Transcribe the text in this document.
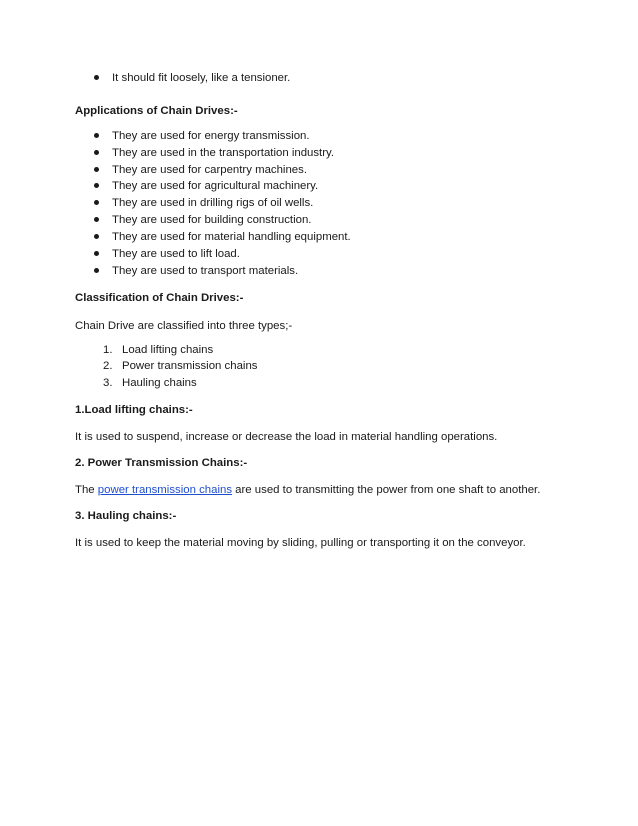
It should fit loosely, like a tensioner.
Applications of Chain Drives:-
They are used for energy transmission.
They are used in the transportation industry.
They are used for carpentry machines.
They are used for agricultural machinery.
They are used in drilling rigs of oil wells.
They are used for building construction.
They are used for material handling equipment.
They are used to lift load.
They are used to transport materials.
Classification of Chain Drives:-
Chain Drive are classified into three types;-
1. Load lifting chains
2. Power transmission chains
3. Hauling chains
1.Load lifting chains:-
It is used to suspend, increase or decrease the load in material handling operations.
2. Power Transmission Chains:-
The power transmission chains are used to transmitting the power from one shaft to another.
3. Hauling chains:-
It is used to keep the material moving by sliding, pulling or transporting it on the conveyor.
